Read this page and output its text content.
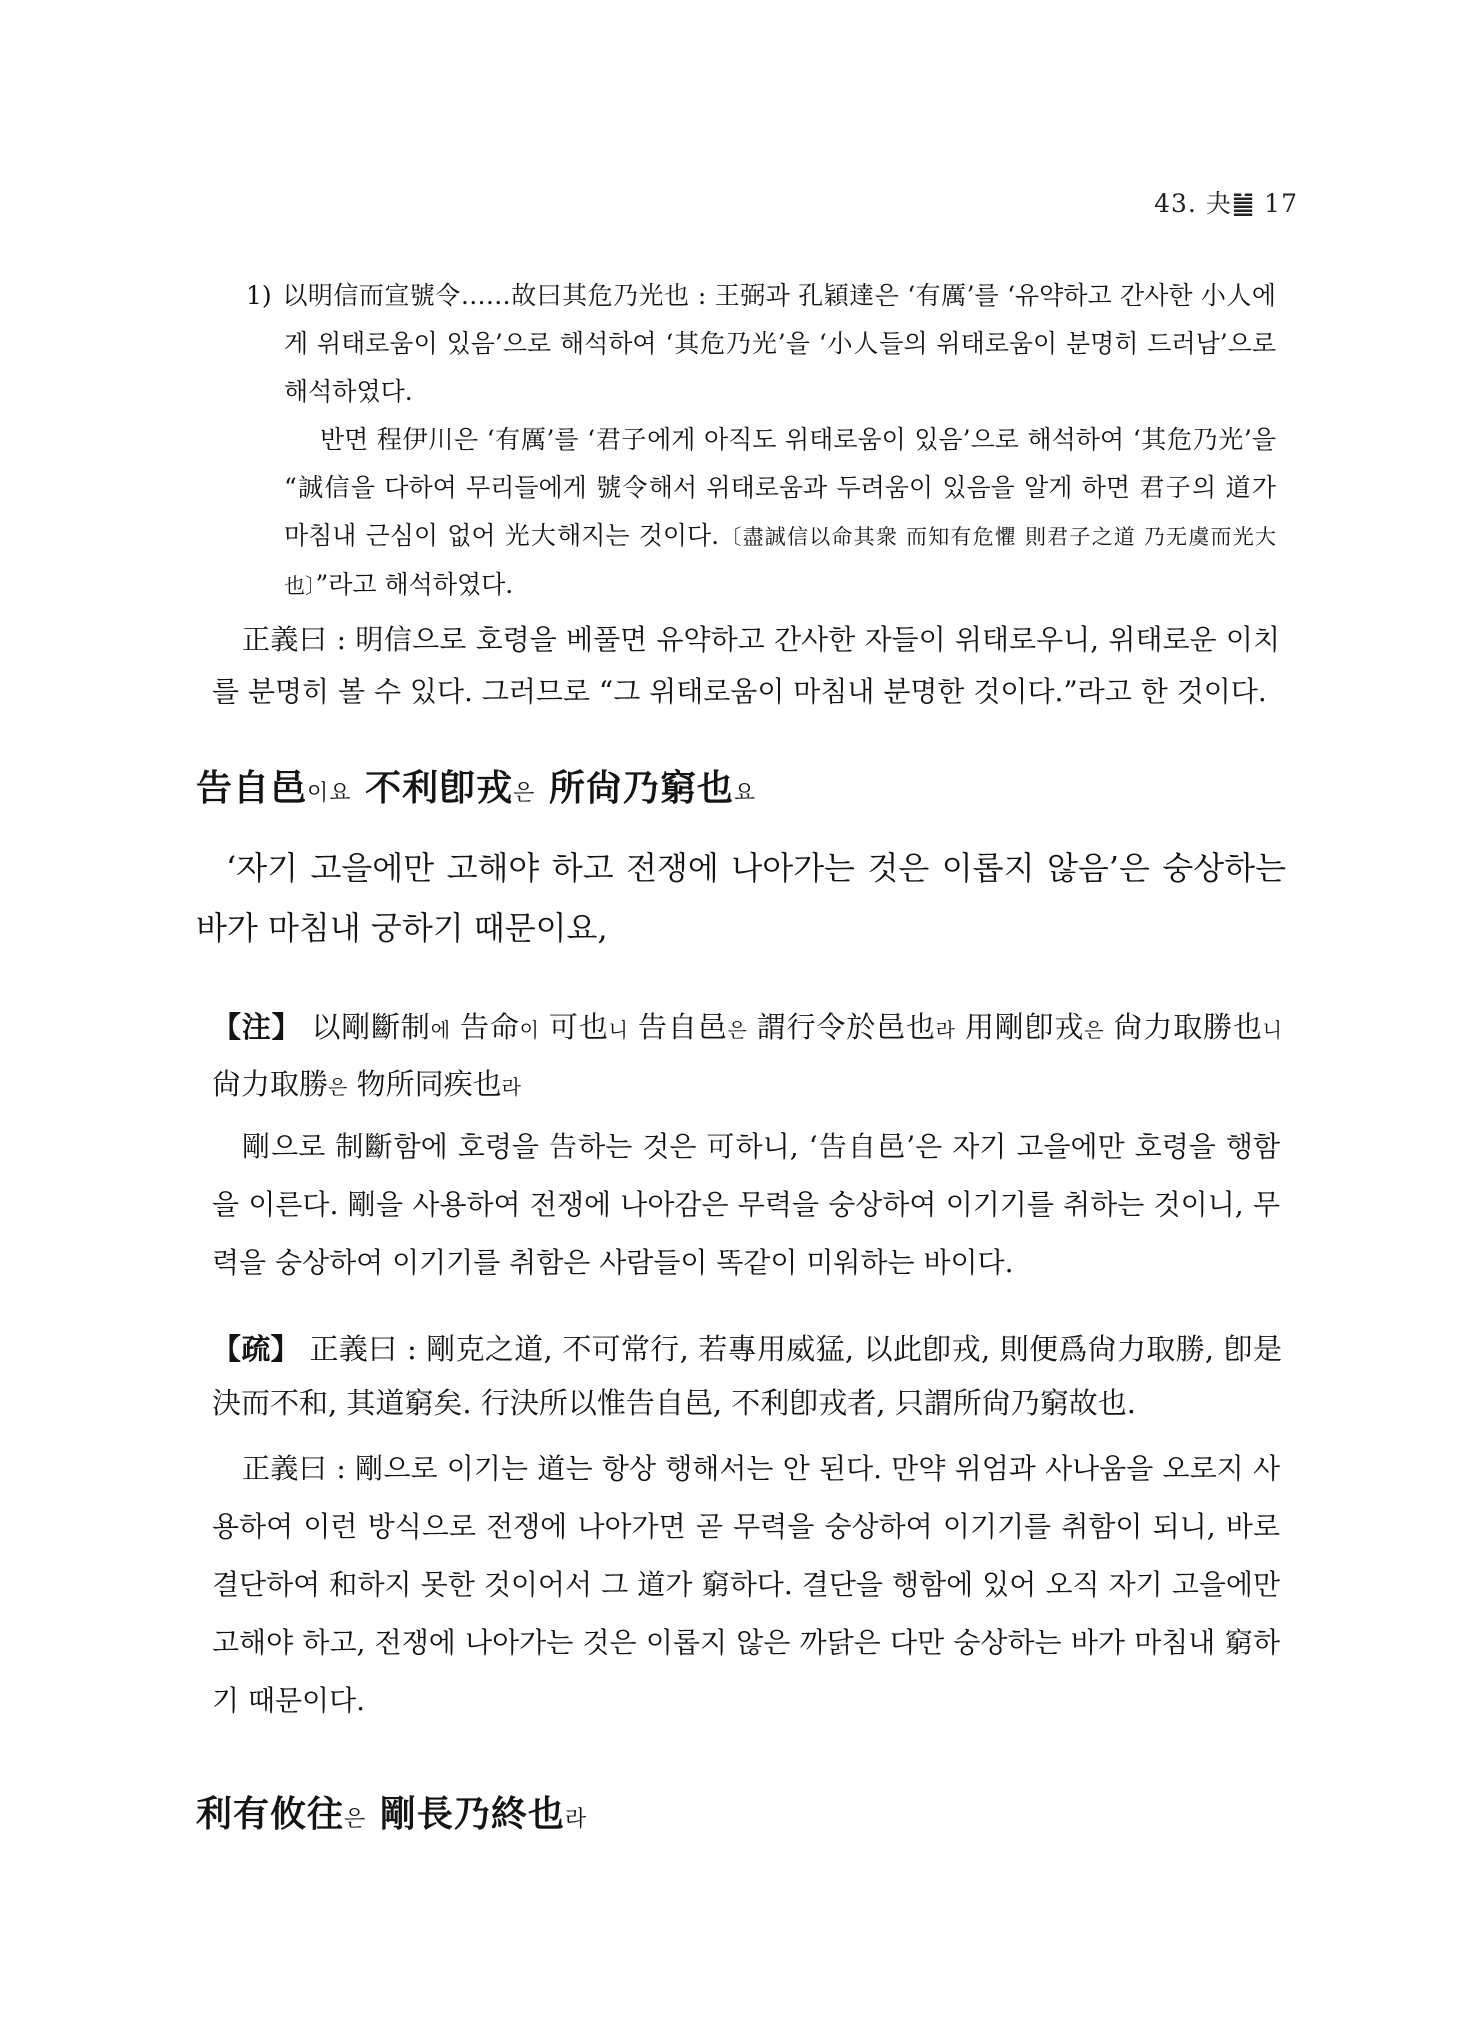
43. 夬䷪ 17

1) 以明信而宣號令……故曰其危乃光也 : 王弼과 孔穎達은 ‘有厲’를 ‘유약하고 간사한 小人에게 위태로움이 있음’으로 해석하여 ‘其危乃光’을 ‘小人들의 위태로움이 분명히 드러남’으로 해석하였다.

반면 程伊川은 ‘有厲’를 ‘君子에게 아직도 위태로움이 있음’으로 해석하여 ‘其危乃光’을 “誠信을 다하여 무리들에게 號令해서 위태로움과 두려움이 있음을 알게 하면 君子의 道가 마침내 근심이 없어 光大해지는 것이다.〔盡誠信以命其衆 而知有危懼 則君子之道 乃无虞而光大也〕”라고 해석하였다.

正義曰 : 明信으로 호령을 베풀면 유약하고 간사한 자들이 위태로우니, 위태로운 이치를 분명히 볼 수 있다. 그러므로 “그 위태로움이 마침내 분명한 것이다.”라고 한 것이다.

告自邑이요 不利卽戎은 所尙乃窮也요

‘자기 고을에만 고해야 하고 전쟁에 나아가는 것은 이롭지 않음’은 숭상하는 바가 마침내 궁하기 때문이요,

【注】 以剛斷制에 告命이 可也니 告自邑은 謂行令於邑也라 用剛卽戎은 尙力取勝也니 尙力取勝은 物所同疾也라

剛으로 制斷함에 호령을 告하는 것은 可하니, ‘告自邑’은 자기 고을에만 호령을 행함을 이른다. 剛을 사용하여 전쟁에 나아감은 무력을 숭상하여 이기기를 취하는 것이니, 무력을 숭상하여 이기기를 취함은 사람들이 똑같이 미워하는 바이다.

【疏】 正義曰 : 剛克之道, 不可常行, 若專用威猛, 以此卽戎, 則便爲尙力取勝, 卽是決而不和, 其道窮矣. 行決所以惟告自邑, 不利卽戎者, 只謂所尙乃窮故也.

正義曰 : 剛으로 이기는 道는 항상 행해서는 안 된다. 만약 위엄과 사나움을 오로지 사용하여 이런 방식으로 전쟁에 나아가면 곧 무력을 숭상하여 이기기를 취함이 되니, 바로 결단하여 和하지 못한 것이어서 그 道가 窮하다. 결단을 행함에 있어 오직 자기 고을에만 고해야 하고, 전쟁에 나아가는 것은 이롭지 않은 까닭은 다만 숭상하는 바가 마침내 窮하기 때문이다.

利有攸往은 剛長乃終也라
